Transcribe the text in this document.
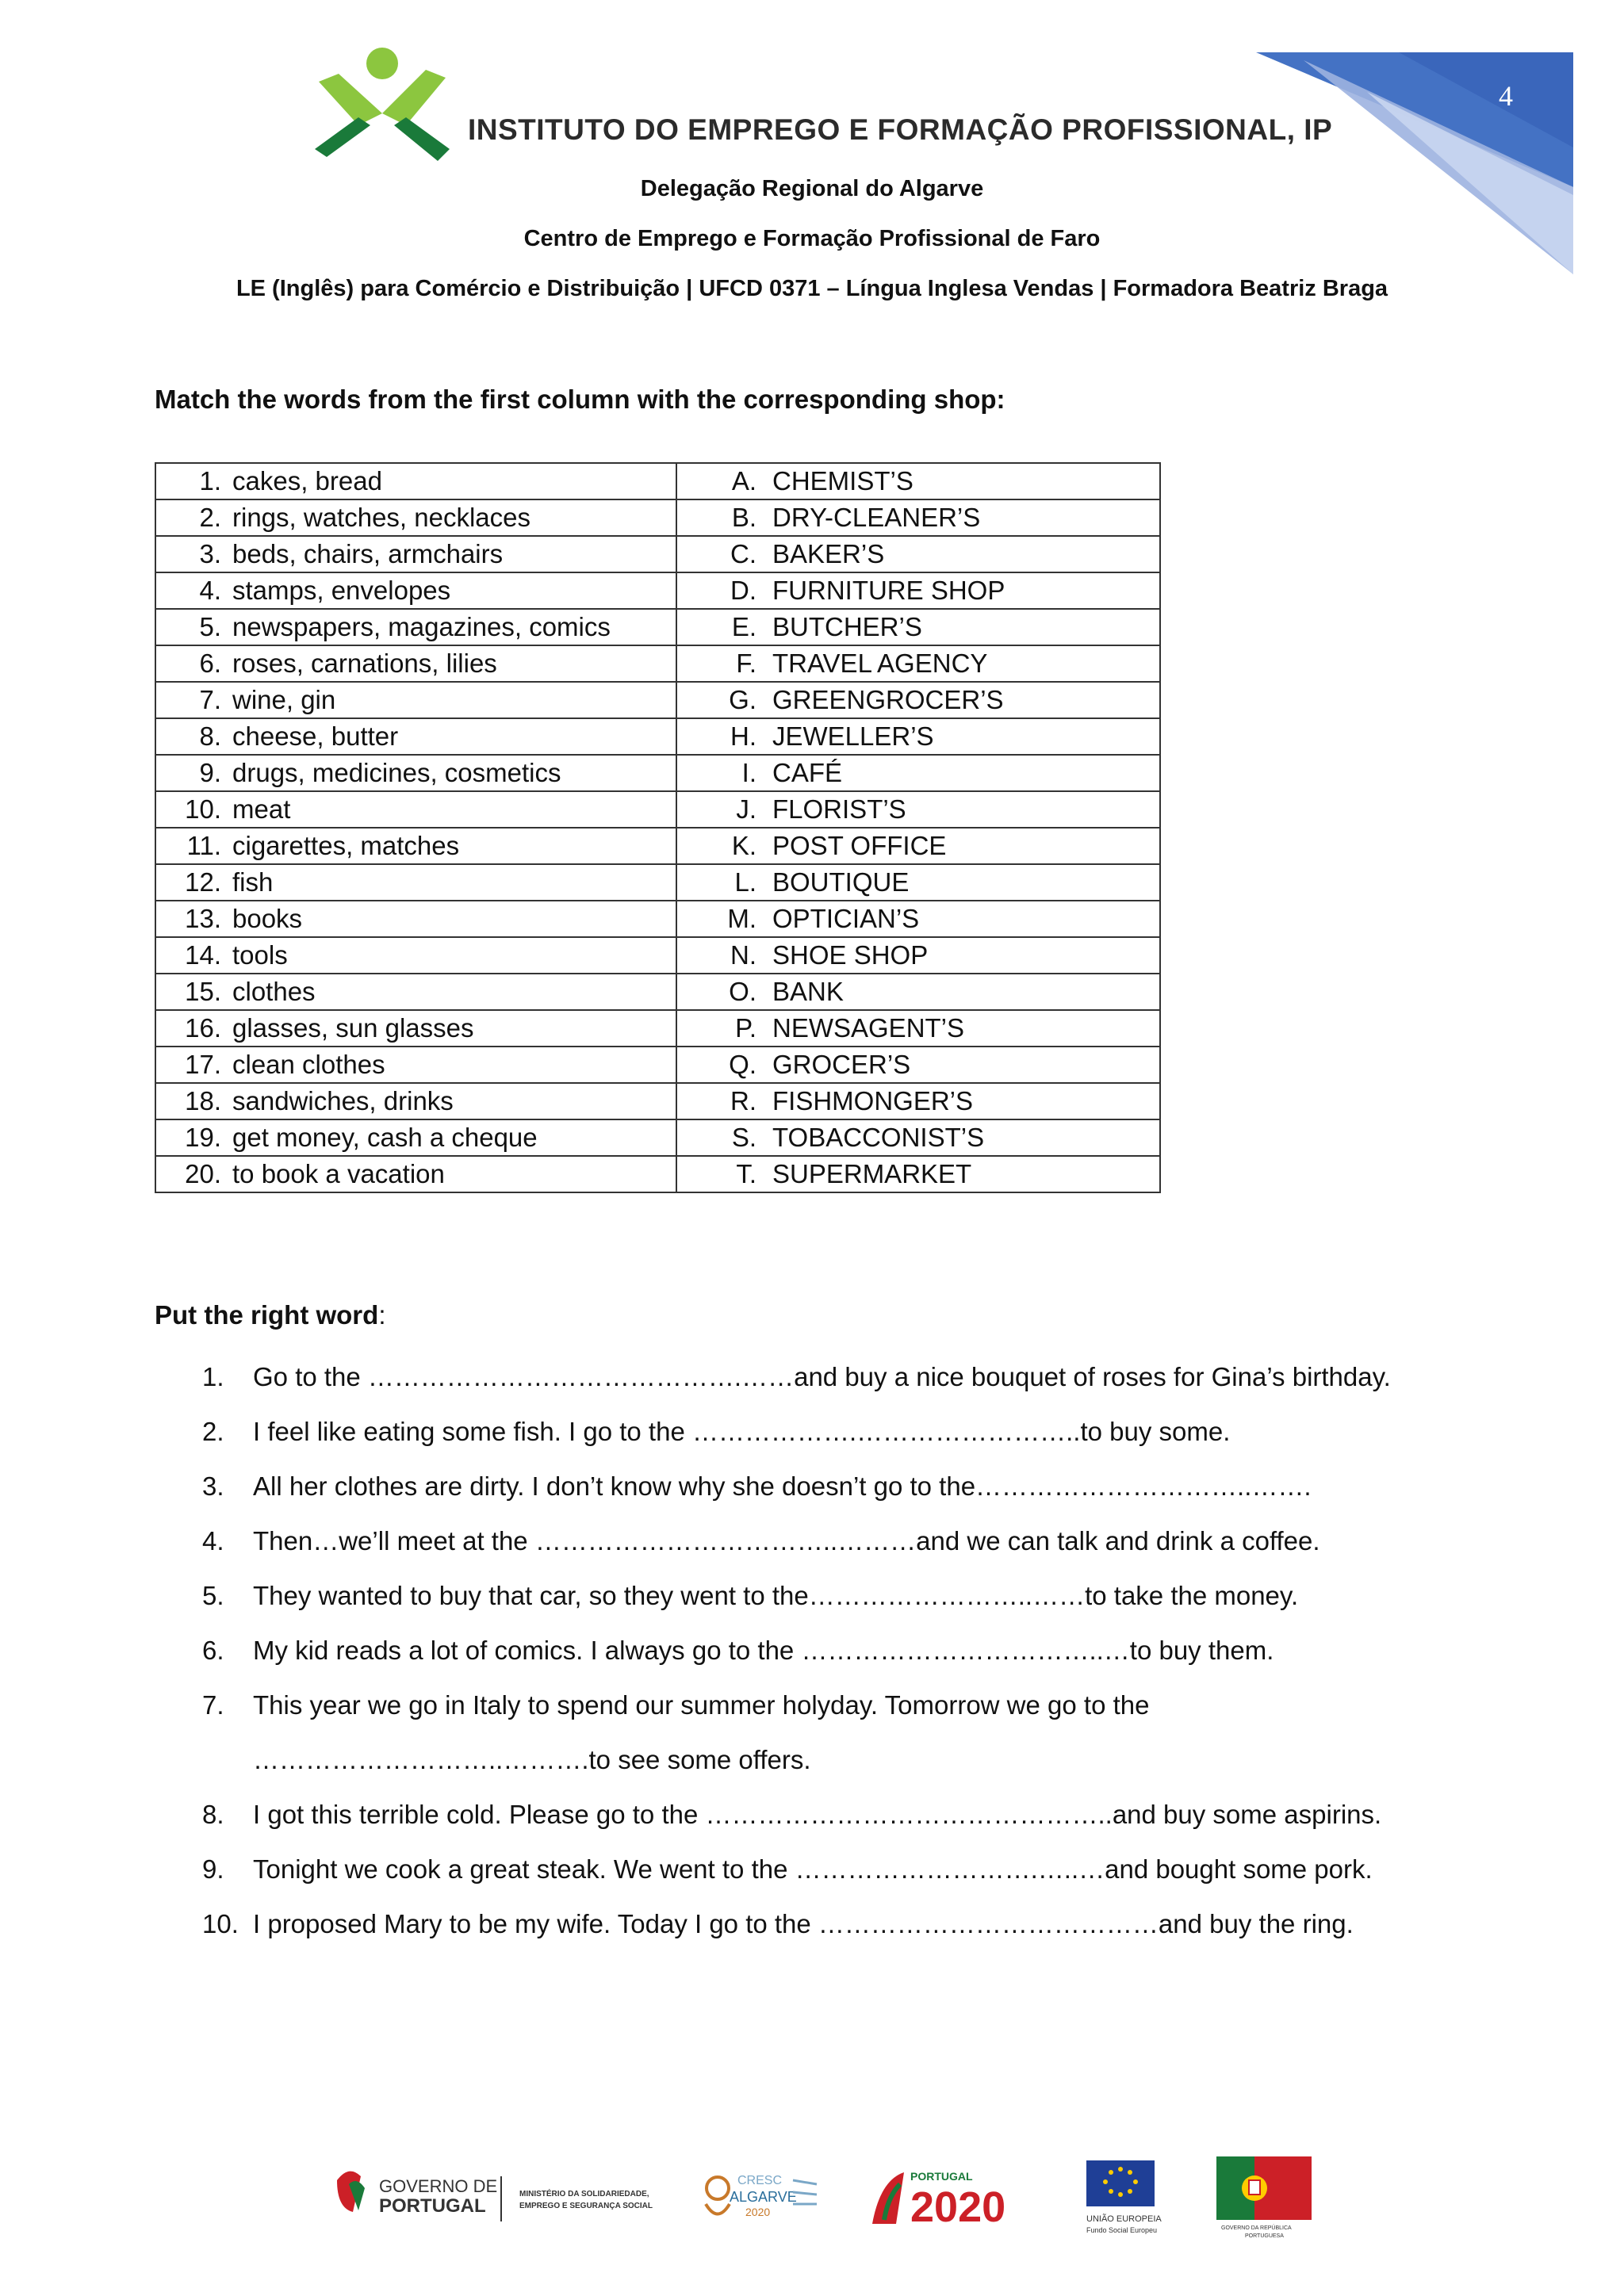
INSTITUTO DO EMPREGO E FORMAÇÃO PROFISSIONAL, IP
Delegação Regional do Algarve
Centro de Emprego e Formação Profissional de Faro
LE (Inglês) para Comércio e Distribuição | UFCD 0371 – Língua Inglesa Vendas | Formadora Beatriz Braga
4
Match the words from the first column with the corresponding shop:
1. cakes, bread	A. CHEMIST’S
2. rings, watches, necklaces	B. DRY-CLEANER’S
3. beds, chairs, armchairs	C. BAKER’S
4. stamps, envelopes	D. FURNITURE SHOP
5. newspapers, magazines, comics	E. BUTCHER’S
6. roses, carnations, lilies	F. TRAVEL AGENCY
7. wine, gin	G. GREENGROCER’S
8. cheese, butter	H. JEWELLER’S
9. drugs, medicines, cosmetics	I. CAFÉ
10. meat	J. FLORIST’S
11. cigarettes, matches	K. POST OFFICE
12. fish	L. BOUTIQUE
13. books	M. OPTICIAN’S
14. tools	N. SHOE SHOP
15. clothes	O. BANK
16. glasses, sun glasses	P. NEWSAGENT’S
17. clean clothes	Q. GROCER’S
18. sandwiches, drinks	R. FISHMONGER’S
19. get money, cash a cheque	S. TOBACCONIST’S
20. to book a vacation	T. SUPERMARKET
Put the right word:
1. Go to the …………………………………….……and buy a nice bouquet of roses for Gina’s birthday.
2. I feel like eating some fish. I go to the ……………….……………………..to buy some.
3. All her clothes are dirty. I don’t know why she doesn’t go to the…………………………..…….
4. Then…we’ll meet at the ……………………………..………and we can talk and drink a coffee.
5. They wanted to buy that car, so they went to the……………………..……to take the money.
6. My kid reads a lot of comics. I always go to the ……………………………..…to buy them.
7. This year we go in Italy to spend our summer holyday. Tomorrow we go to the
………………………..……….to see some offers.
8. I got this terrible cold. Please go to the ………………………………………..and buy some aspirins.
9. Tonight we cook a great steak. We went to the ……………………….…..…and bought some pork.
10. I proposed Mary to be my wife. Today I go to the …………………………………and buy the ring.
GOVERNO DE
PORTUGAL
MINISTÉRIO DA SOLIDARIEDADE,
EMPREGO E SEGURANÇA SOCIAL
CRESC
ALGARVE
2020
PORTUGAL
2020	UNIÃO EUROPEIA
Fundo Social Europeu	GOVERNO DA REPÚBLICA
PORTUGUESA
